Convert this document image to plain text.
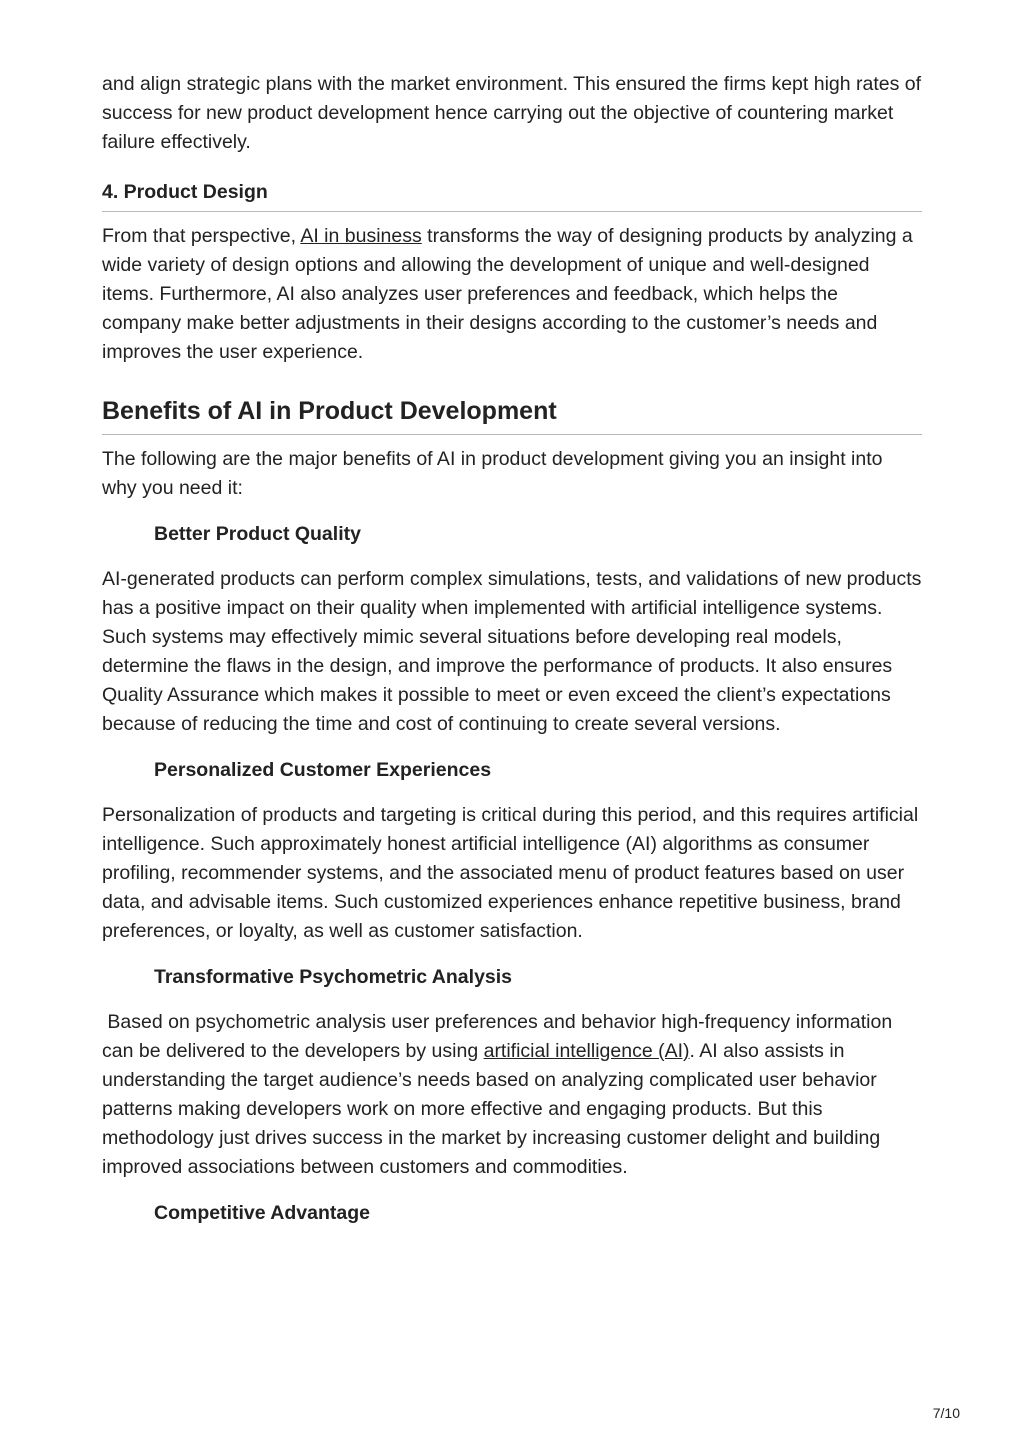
and align strategic plans with the market environment. This ensured the firms kept high rates of success for new product development hence carrying out the objective of countering market failure effectively.

4. Product Design

From that perspective, AI in business transforms the way of designing products by analyzing a wide variety of design options and allowing the development of unique and well-designed items. Furthermore, AI also analyzes user preferences and feedback, which helps the company make better adjustments in their designs according to the customer’s needs and improves the user experience.

Benefits of AI in Product Development

The following are the major benefits of AI in product development giving you an insight into why you need it:

Better Product Quality

AI-generated products can perform complex simulations, tests, and validations of new products has a positive impact on their quality when implemented with artificial intelligence systems. Such systems may effectively mimic several situations before developing real models, determine the flaws in the design, and improve the performance of products. It also ensures Quality Assurance which makes it possible to meet or even exceed the client’s expectations because of reducing the time and cost of continuing to create several versions.

Personalized Customer Experiences

Personalization of products and targeting is critical during this period, and this requires artificial intelligence. Such approximately honest artificial intelligence (AI) algorithms as consumer profiling, recommender systems, and the associated menu of product features based on user data, and advisable items. Such customized experiences enhance repetitive business, brand preferences, or loyalty, as well as customer satisfaction.

Transformative Psychometric Analysis

Based on psychometric analysis user preferences and behavior high-frequency information can be delivered to the developers by using artificial intelligence (AI). AI also assists in understanding the target audience’s needs based on analyzing complicated user behavior patterns making developers work on more effective and engaging products. But this methodology just drives success in the market by increasing customer delight and building improved associations between customers and commodities.

Competitive Advantage
7/10
